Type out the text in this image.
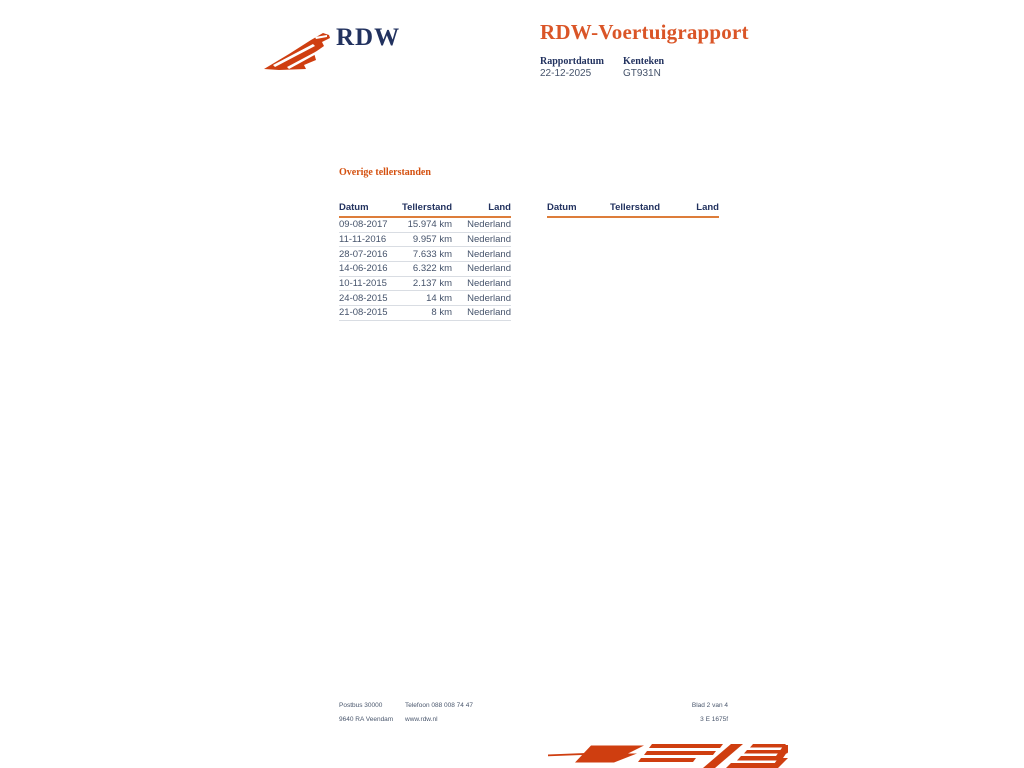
RDW	RDW-Voertuigrapport
Rapportdatum
22-12-2025
Kenteken
GT931N
Overige tellerstanden
Datum	Tellerstand	Land
09-08-2017	15.974 km	Nederland
11-11-2016	9.957 km	Nederland
28-07-2016	7.633 km	Nederland
14-06-2016	6.322 km	Nederland
10-11-2015	2.137 km	Nederland
24-08-2015	14 km	Nederland
21-08-2015	8 km	Nederland
Datum	Tellerstand	Land
Postbus 30000
9640 RA Veendam
Telefoon 088 008 74 47
www.rdw.nl
Blad 2 van 4
3 E 1675f
